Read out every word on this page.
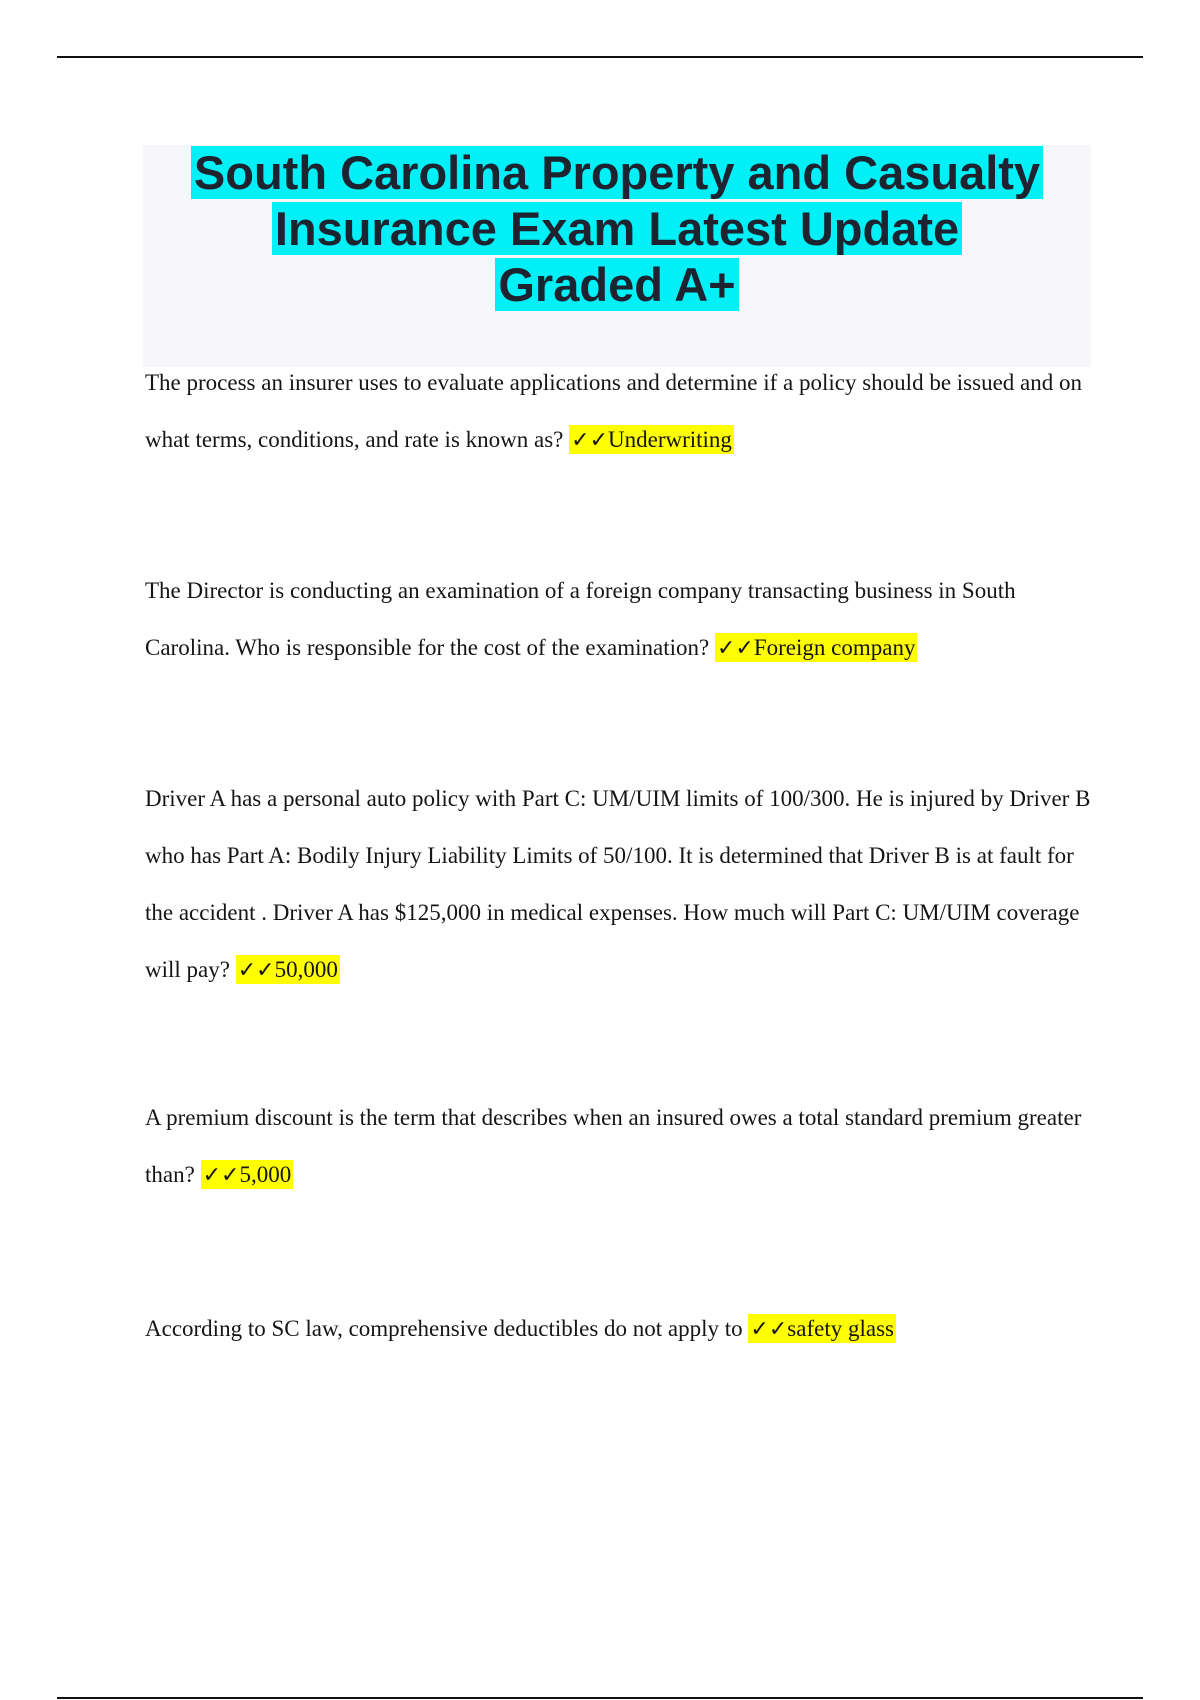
South Carolina Property and Casualty
Insurance Exam Latest Update
Graded A+

The process an insurer uses to evaluate applications and determine if a policy should be issued and on what terms, conditions, and rate is known as? ✓✓Underwriting

The Director is conducting an examination of a foreign company transacting business in South Carolina. Who is responsible for the cost of the examination? ✓✓Foreign company

Driver A has a personal auto policy with Part C: UM/UIM limits of 100/300. He is injured by Driver B who has Part A: Bodily Injury Liability Limits of 50/100. It is determined that Driver B is at fault for the accident . Driver A has $125,000 in medical expenses. How much will Part C: UM/UIM coverage will pay? ✓✓50,000

A premium discount is the term that describes when an insured owes a total standard premium greater than? ✓✓5,000

According to SC law, comprehensive deductibles do not apply to ✓✓safety glass
